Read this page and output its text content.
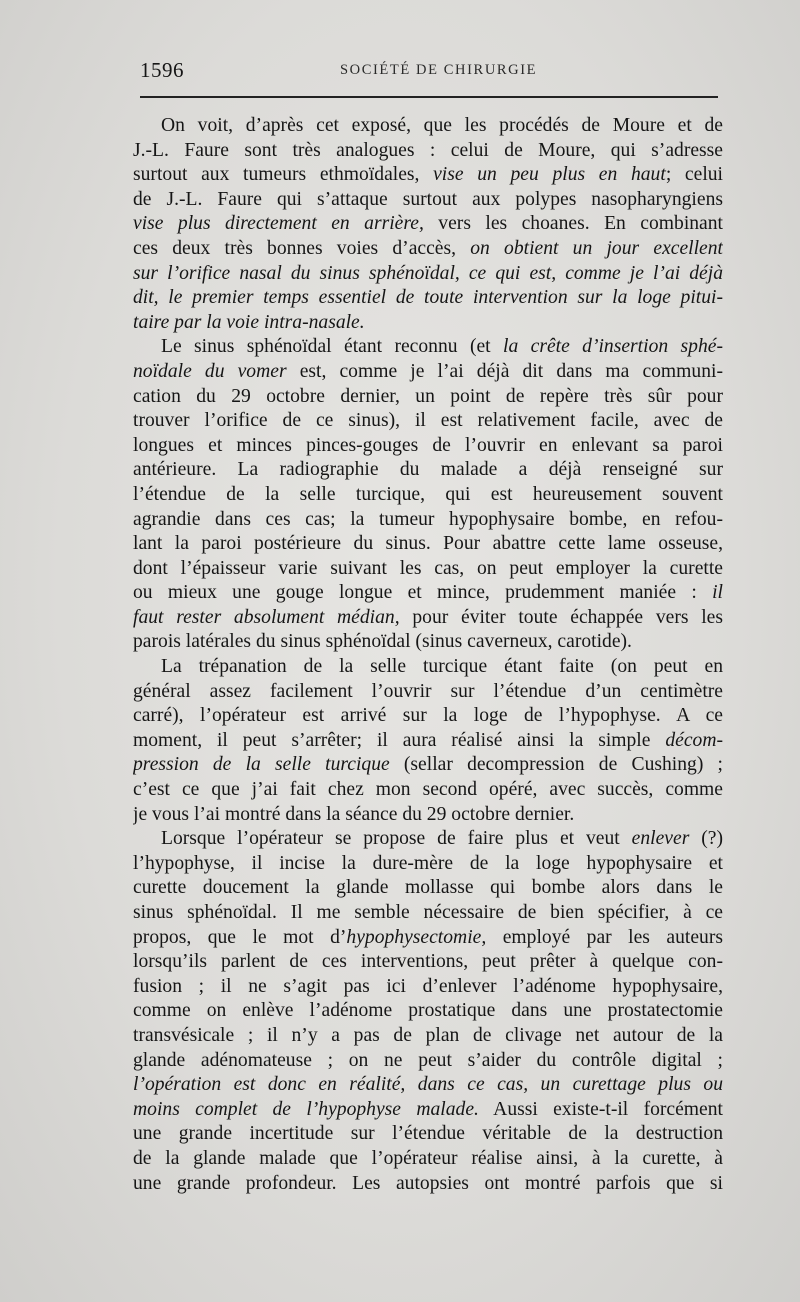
1596	SOCIÉTÉ DE CHIRURGIE
On voit, d’après cet exposé, que les procédés de Moure et de
J.-L. Faure sont très analogues : celui de Moure, qui s’adresse
surtout aux tumeurs ethmoïdales, vise un peu plus en haut; celui
de J.-L. Faure qui s’attaque surtout aux polypes nasopharyngiens
vise plus directement en arrière, vers les choanes. En combinant
ces deux très bonnes voies d’accès, on obtient un jour excellent
sur l’orifice nasal du sinus sphénoïdal, ce qui est, comme je l’ai déjà
dit, le premier temps essentiel de toute intervention sur la loge pitui-
taire par la voie intra-nasale.
Le sinus sphénoïdal étant reconnu (et la crête d’insertion sphé-
noïdale du vomer est, comme je l’ai déjà dit dans ma communi-
cation du 29 octobre dernier, un point de repère très sûr pour
trouver l’orifice de ce sinus), il est relativement facile, avec de
longues et minces pinces-gouges de l’ouvrir en enlevant sa paroi
antérieure. La radiographie du malade a déjà renseigné sur
l’étendue de la selle turcique, qui est heureusement souvent
agrandie dans ces cas; la tumeur hypophysaire bombe, en refou-
lant la paroi postérieure du sinus. Pour abattre cette lame osseuse,
dont l’épaisseur varie suivant les cas, on peut employer la curette
ou mieux une gouge longue et mince, prudemment maniée : il
faut rester absolument médian, pour éviter toute échappée vers les
parois latérales du sinus sphénoïdal (sinus caverneux, carotide).
La trépanation de la selle turcique étant faite (on peut en
général assez facilement l’ouvrir sur l’étendue d’un centimètre
carré), l’opérateur est arrivé sur la loge de l’hypophyse. A ce
moment, il peut s’arrêter; il aura réalisé ainsi la simple décom-
pression de la selle turcique (sellar decompression de Cushing) ;
c’est ce que j’ai fait chez mon second opéré, avec succès, comme
je vous l’ai montré dans la séance du 29 octobre dernier.
Lorsque l’opérateur se propose de faire plus et veut enlever (?)
l’hypophyse, il incise la dure-mère de la loge hypophysaire et
curette doucement la glande mollasse qui bombe alors dans le
sinus sphénoïdal. Il me semble nécessaire de bien spécifier, à ce
propos, que le mot d’hypophysectomie, employé par les auteurs
lorsqu’ils parlent de ces interventions, peut prêter à quelque con-
fusion ; il ne s’agit pas ici d’enlever l’adénome hypophysaire,
comme on enlève l’adénome prostatique dans une prostatectomie
transvésicale ; il n’y a pas de plan de clivage net autour de la
glande adénomateuse ; on ne peut s’aider du contrôle digital ;
l’opération est donc en réalité, dans ce cas, un curettage plus ou
moins complet de l’hypophyse malade. Aussi existe-t-il forcément
une grande incertitude sur l’étendue véritable de la destruction
de la glande malade que l’opérateur réalise ainsi, à la curette, à
une grande profondeur. Les autopsies ont montré parfois que si
